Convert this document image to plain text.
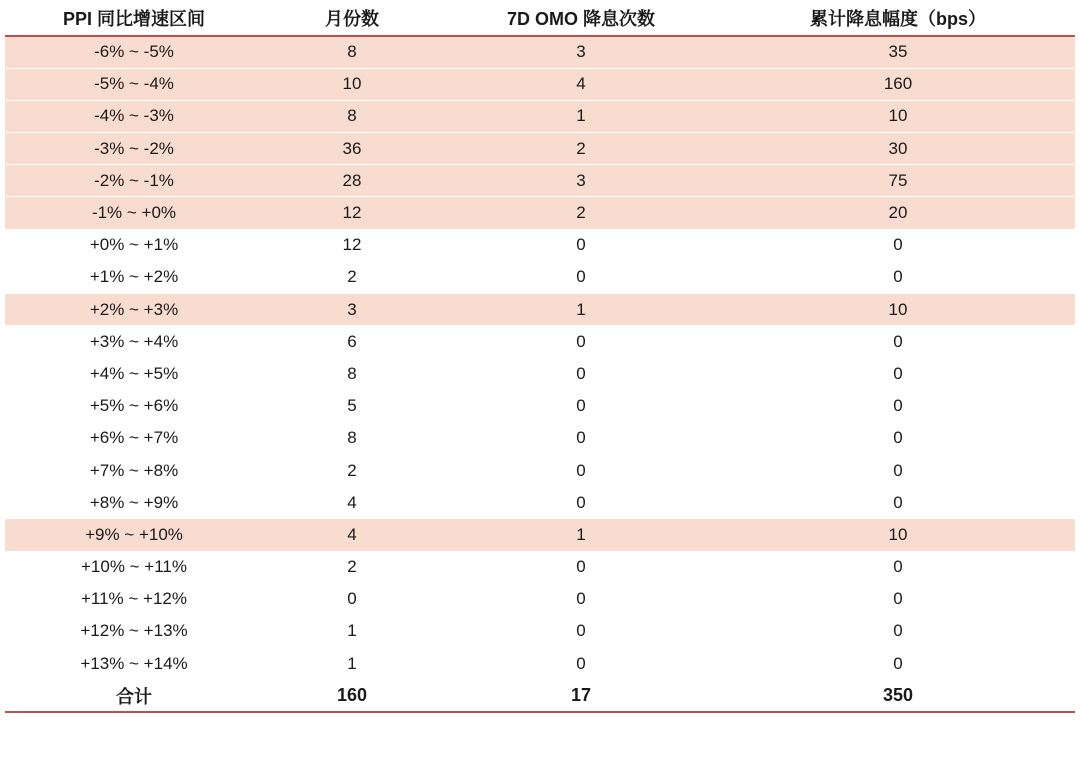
PPI 同比增速区间	月份数	7D OMO 降息次数	累计降息幅度（bps）
-6% ~ -5%	8	3	35
-5% ~ -4%	10	4	160
-4% ~ -3%	8	1	10
-3% ~ -2%	36	2	30
-2% ~ -1%	28	3	75
-1% ~ +0%	12	2	20
+0% ~ +1%	12	0	0
+1% ~ +2%	2	0	0
+2% ~ +3%	3	1	10
+3% ~ +4%	6	0	0
+4% ~ +5%	8	0	0
+5% ~ +6%	5	0	0
+6% ~ +7%	8	0	0
+7% ~ +8%	2	0	0
+8% ~ +9%	4	0	0
+9% ~ +10%	4	1	10
+10% ~ +11%	2	0	0
+11% ~ +12%	0	0	0
+12% ~ +13%	1	0	0
+13% ~ +14%	1	0	0
合计	160	17	350
